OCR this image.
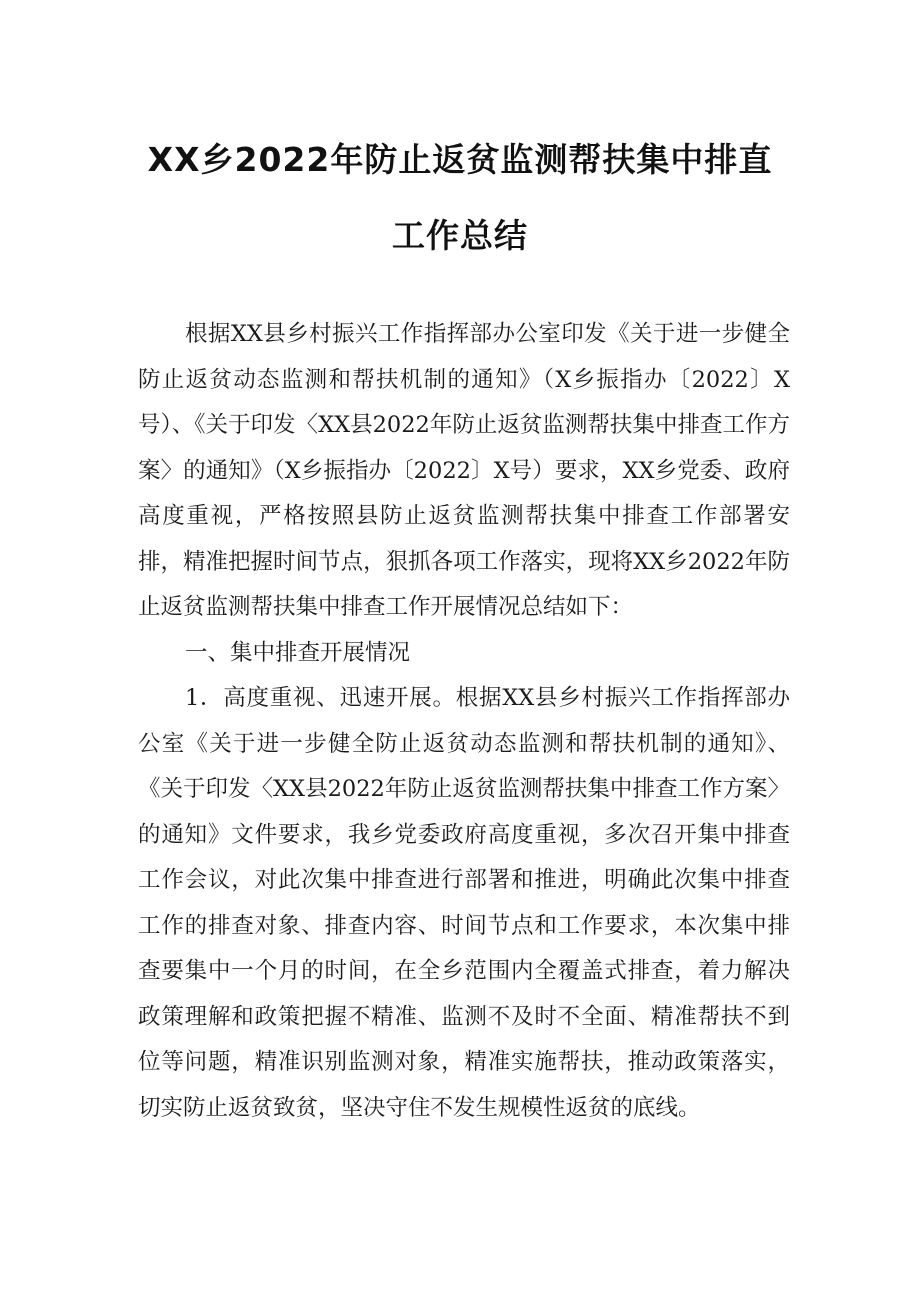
XX乡2022年防止返贫监测帮扶集中排直
工作总结

根据XX县乡村振兴工作指挥部办公室印发《关于进一步健全防止返贫动态监测和帮扶机制的通知》（X乡振指办〔2022〕X号）、《关于印发〈XX县2022年防止返贫监测帮扶集中排查工作方案〉的通知》（X乡振指办〔2022〕X号）要求，XX乡党委、政府高度重视，严格按照县防止返贫监测帮扶集中排查工作部署安排，精准把握时间节点，狠抓各项工作落实，现将XX乡2022年防止返贫监测帮扶集中排查工作开展情况总结如下：

一、集中排查开展情况

1．高度重视、迅速开展。根据XX县乡村振兴工作指挥部办公室《关于进一步健全防止返贫动态监测和帮扶机制的通知》、《关于印发〈XX县2022年防止返贫监测帮扶集中排查工作方案〉的通知》文件要求，我乡党委政府高度重视，多次召开集中排查工作会议，对此次集中排查进行部署和推进，明确此次集中排查工作的排查对象、排查内容、时间节点和工作要求，本次集中排查要集中一个月的时间，在全乡范围内全覆盖式排查，着力解决政策理解和政策把握不精准、监测不及时不全面、精准帮扶不到位等问题，精准识别监测对象，精准实施帮扶，推动政策落实，切实防止返贫致贫，坚决守住不发生规模性返贫的底线。
